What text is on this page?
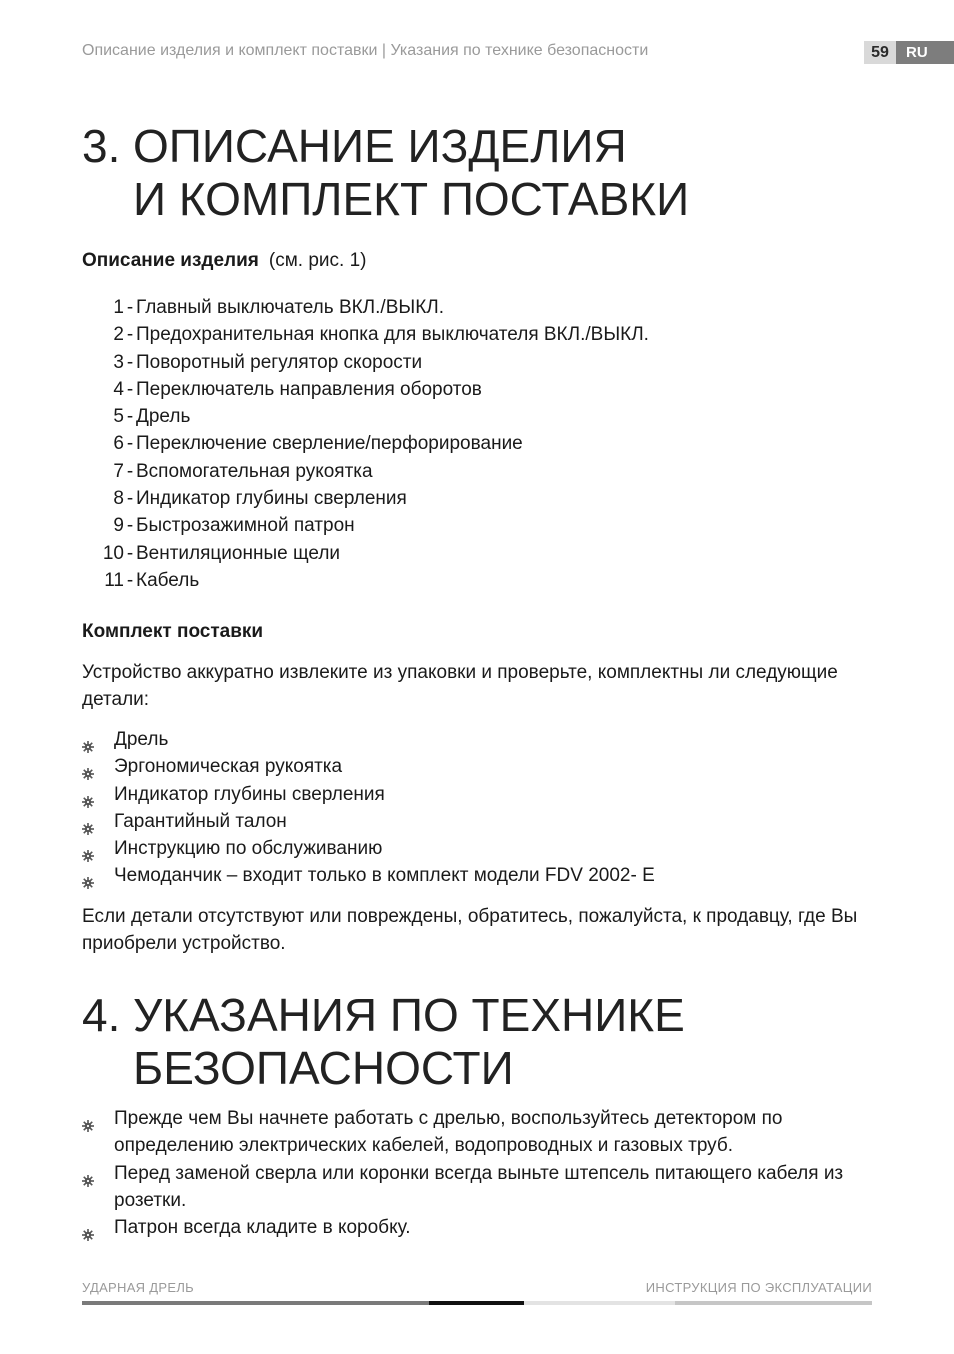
Описание изделия и комплект поставки | Указания по технике безопасности	59	RU
3. ОПИСАНИЕ ИЗДЕЛИЯ
И КОМПЛЕКТ ПОСТАВКИ
Описание изделия (см. рис. 1)
1 - Главный выключатель ВКЛ./ВЫКЛ.
2 - Предохранительная кнопка для выключателя ВКЛ./ВЫКЛ.
3 - Поворотный регулятор скорости
4 - Переключатель направления оборотов
5 - Дрель
6 - Переключение сверление/перфорирование
7 - Вспомогательная рукоятка
8 - Индикатор глубины сверления
9 - Быстрозажимной патрон
10 - Вентиляционные щели
11 - Кабель
Комплект поставки

Устройство аккуратно извлеките из упаковки и проверьте, комплектны ли следующие детали:

Дрель
Эргономическая рукоятка
Индикатор глубины сверления
Гарантийный талон
Инструкцию по обслуживанию
Чемоданчик – входит только в комплект модели FDV 2002- E

Если детали отсутствуют или повреждены, обратитесь, пожалуйста, к продавцу, где Вы приобрели устройство.

4. УКАЗАНИЯ ПО ТЕХНИКЕ
БЕЗОПАСНОСТИ
Прежде чем Вы начнете работать с дрелью, воспользуйтесь детектором по определению электрических кабелей, водопроводных и газовых труб.
Перед заменой сверла или коронки всегда выньте штепсель питающего кабеля из розетки.
Патрон всегда кладите в коробку.
УДАРНАЯ ДРЕЛЬ	ИНСТРУКЦИЯ ПО ЭКСПЛУАТАЦИИ
